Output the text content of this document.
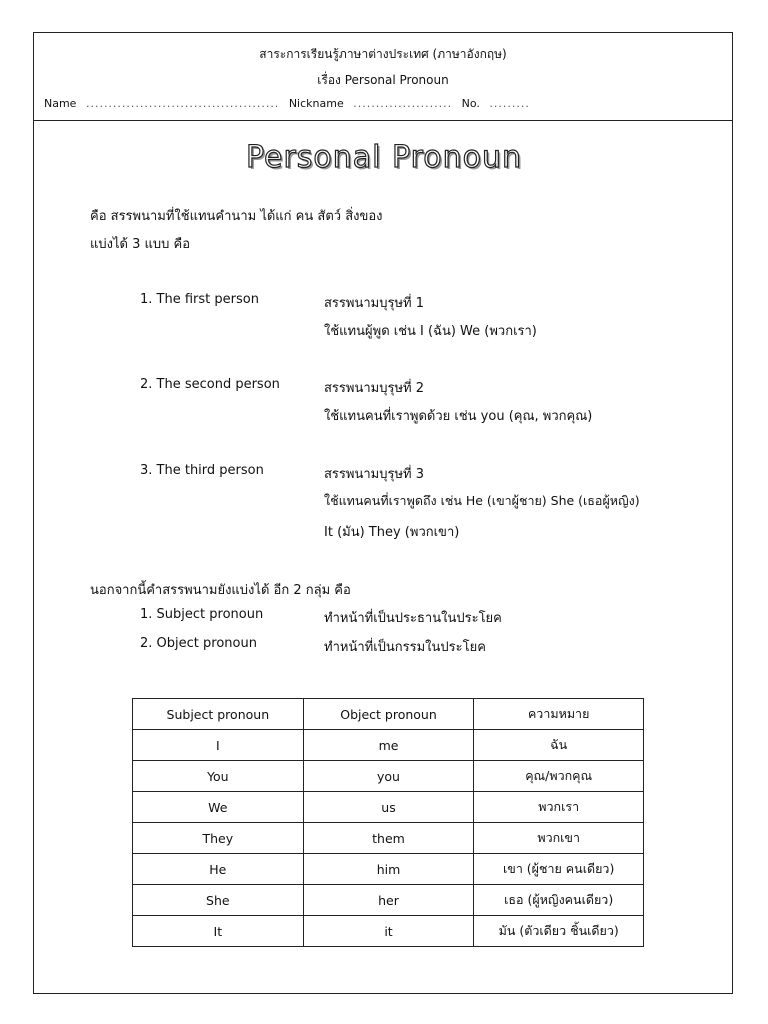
สาระการเรียนรู้ภาษาต่างประเทศ (ภาษาอังกฤษ)
เรื่อง Personal Pronoun
Name ........................................... Nickname ...................... No. .........
Personal Pronoun
คือ สรรพนามที่ใช้แทนคำนาม ได้แก่ คน สัตว์ สิ่งของ
แบ่งได้ 3 แบบ คือ
1. The first person	สรรพนามบุรุษที่ 1
ใช้แทนผู้พูด เช่น I (ฉัน) We (พวกเรา)
2. The second person	สรรพนามบุรุษที่ 2
ใช้แทนคนที่เราพูดด้วย เช่น you (คุณ, พวกคุณ)
3. The third person	สรรพนามบุรุษที่ 3
ใช้แทนคนที่เราพูดถึง เช่น He (เขาผู้ชาย) She (เธอผู้หญิง)
It (มัน) They (พวกเขา)
นอกจากนี้คำสรรพนามยังแบ่งได้ อีก 2 กลุ่ม คือ
1. Subject pronoun	ทำหน้าที่เป็นประธานในประโยค
2. Object pronoun	ทำหน้าที่เป็นกรรมในประโยค
Subject pronoun	Object pronoun	ความหมาย
I	me	ฉัน
You	you	คุณ/พวกคุณ
We	us	พวกเรา
They	them	พวกเขา
He	him	เขา (ผู้ชาย คนเดียว)
She	her	เธอ (ผู้หญิงคนเดียว)
It	it	มัน (ตัวเดียว ชิ้นเดียว)
